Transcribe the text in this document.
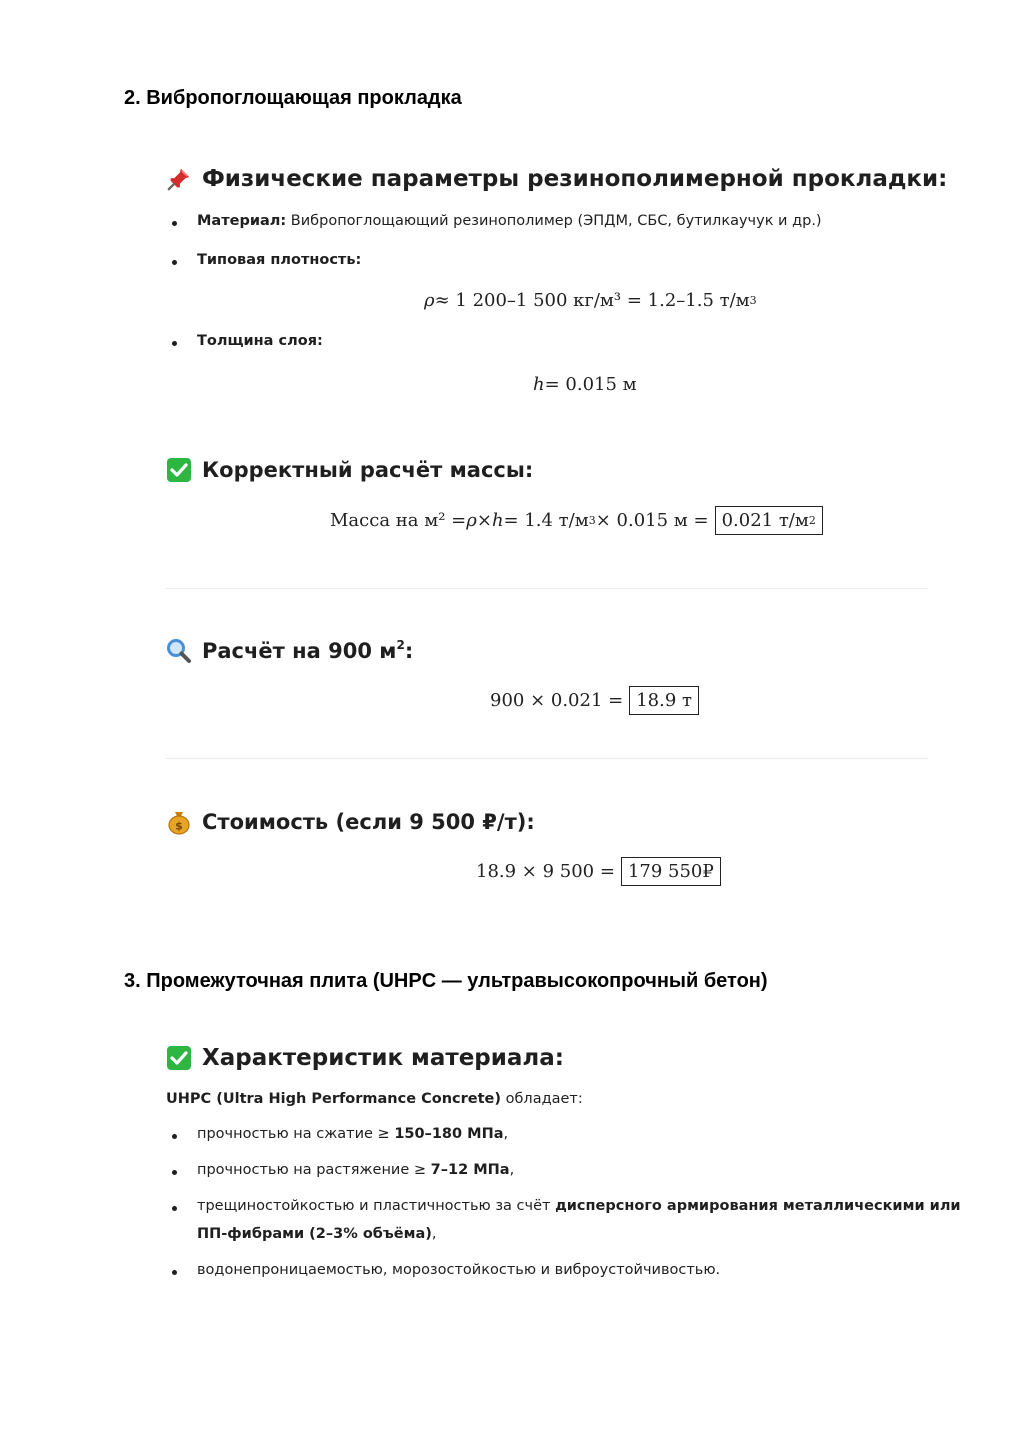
2. Вибропоглощающая прокладка
Физические параметры резинополимерной прокладки:
Материал: Вибропоглощающий резинополимер (ЭПДМ, СБС, бутилкаучук и др.)
Типовая плотность:
ρ ≈ 1 200–1 500 кг/м³ = 1.2–1.5 т/м 3
Толщина слоя:
h = 0.015 м
Корректный расчёт массы:
Масса на м² = ρ × h = 1.4 т/м 3 × 0.015 м = 0.021 т/м 2
Расчёт на 900 $м^2$:
900 × 0.021 = 18.9 т
$ Стоимость (если 9 500 ₽/т):
18.9 × 9 500 = 179 550₽
3. Промежуточная плита (UHPC — ультравысокопрочный бетон)
Характеристик материала:
UHPC (Ultra High Performance Concrete) обладает:
прочностью на сжатие ≥ 150–180 МПа,
прочностью на растяжение ≥ 7–12 МПа,
трещиностойкостью и пластичностью за счёт дисперсного армирования металлическими или
ПП-фибрами (2–3% объёма),
водонепроницаемостью, морозостойкостью и виброустойчивостью.
